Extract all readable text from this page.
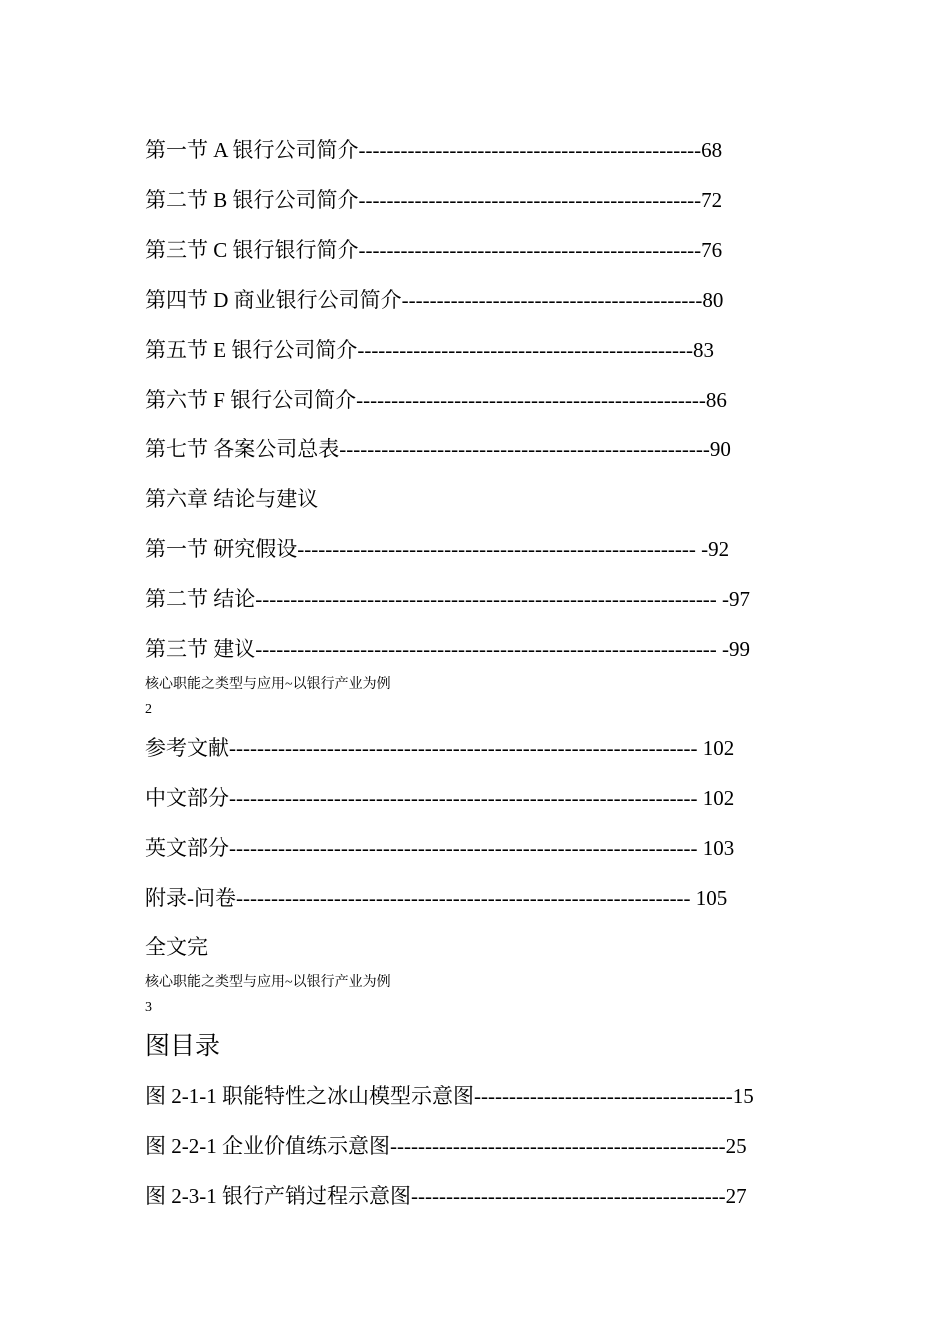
第一节 A 银行公司简介-------------------------------------------------68
第二节 B 银行公司简介-------------------------------------------------72
第三节 C 银行银行简介-------------------------------------------------76
第四节 D 商业银行公司简介-------------------------------------------80
第五节 E 银行公司简介------------------------------------------------83
第六节 F 银行公司简介--------------------------------------------------86
第七节 各案公司总表-----------------------------------------------------90
第六章 结论与建议
第一节 研究假设--------------------------------------------------------- -92
第二节 结论------------------------------------------------------------------ -97
第三节 建议------------------------------------------------------------------ -99
核心职能之类型与应用~以银行产业为例
2
参考文献------------------------------------------------------------------- 102
中文部分------------------------------------------------------------------- 102
英文部分------------------------------------------------------------------- 103
附录-问卷----------------------------------------------------------------- 105
全文完
核心职能之类型与应用~以银行产业为例
3
图目录
图 2-1-1 职能特性之冰山模型示意图-------------------------------------15
图 2-2-1 企业价值练示意图------------------------------------------------25
图 2-3-1 银行产销过程示意图---------------------------------------------27
